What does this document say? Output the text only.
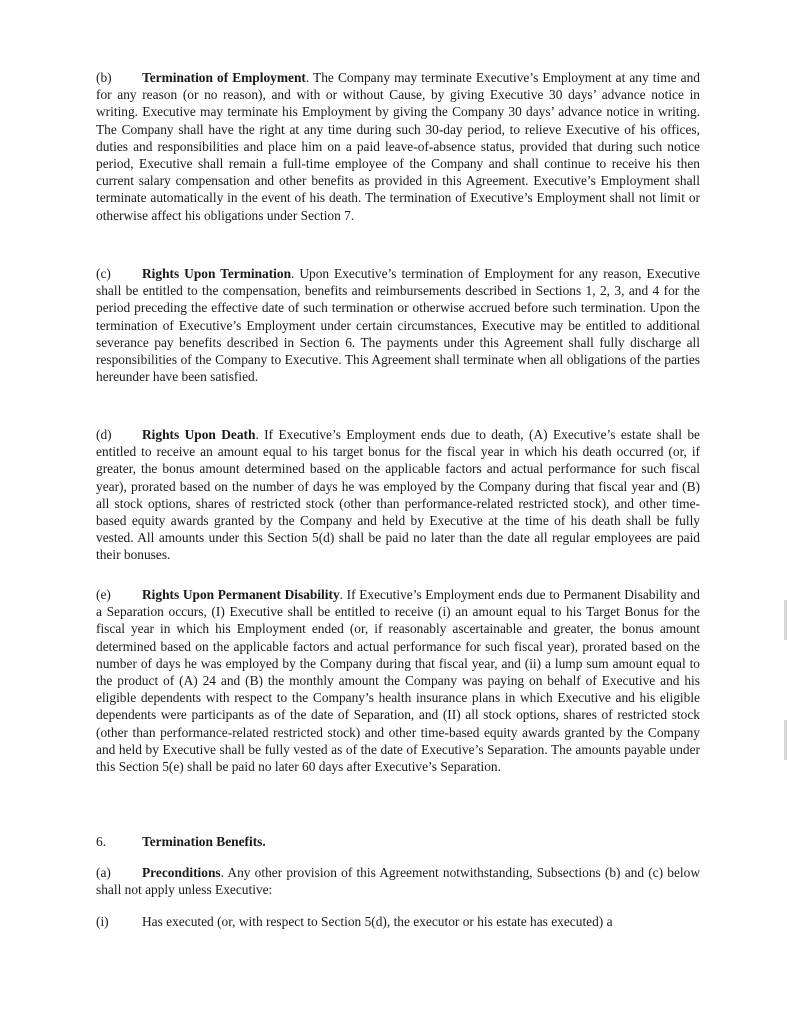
(b) Termination of Employment. The Company may terminate Executive’s Employment at any time and for any reason (or no reason), and with or without Cause, by giving Executive 30 days’ advance notice in writing. Executive may terminate his Employment by giving the Company 30 days’ advance notice in writing. The Company shall have the right at any time during such 30-day period, to relieve Executive of his offices, duties and responsibilities and place him on a paid leave-of-absence status, provided that during such notice period, Executive shall remain a full-time employee of the Company and shall continue to receive his then current salary compensation and other benefits as provided in this Agreement. Executive’s Employment shall terminate automatically in the event of his death. The termination of Executive’s Employment shall not limit or otherwise affect his obligations under Section 7.

(c) Rights Upon Termination. Upon Executive’s termination of Employment for any reason, Executive shall be entitled to the compensation, benefits and reimbursements described in Sections 1, 2, 3, and 4 for the period preceding the effective date of such termination or otherwise accrued before such termination. Upon the termination of Executive’s Employment under certain circumstances, Executive may be entitled to additional severance pay benefits described in Section 6. The payments under this Agreement shall fully discharge all responsibilities of the Company to Executive. This Agreement shall terminate when all obligations of the parties hereunder have been satisfied.

(d) Rights Upon Death. If Executive’s Employment ends due to death, (A) Executive’s estate shall be entitled to receive an amount equal to his target bonus for the fiscal year in which his death occurred (or, if greater, the bonus amount determined based on the applicable factors and actual performance for such fiscal year), prorated based on the number of days he was employed by the Company during that fiscal year and (B) all stock options, shares of restricted stock (other than performance-related restricted stock), and other time-based equity awards granted by the Company and held by Executive at the time of his death shall be fully vested. All amounts under this Section 5(d) shall be paid no later than the date all regular employees are paid their bonuses.

(e) Rights Upon Permanent Disability. If Executive’s Employment ends due to Permanent Disability and a Separation occurs, (I) Executive shall be entitled to receive (i) an amount equal to his Target Bonus for the fiscal year in which his Employment ended (or, if reasonably ascertainable and greater, the bonus amount determined based on the applicable factors and actual performance for such fiscal year), prorated based on the number of days he was employed by the Company during that fiscal year, and (ii) a lump sum amount equal to the product of (A) 24 and (B) the monthly amount the Company was paying on behalf of Executive and his eligible dependents with respect to the Company’s health insurance plans in which Executive and his eligible dependents were participants as of the date of Separation, and (II) all stock options, shares of restricted stock (other than performance-related restricted stock) and other time-based equity awards granted by the Company and held by Executive shall be fully vested as of the date of Executive’s Separation. The amounts payable under this Section 5(e) shall be paid no later 60 days after Executive’s Separation.

6.	Termination Benefits.

(a) Preconditions. Any other provision of this Agreement notwithstanding, Subsections (b) and (c) below shall not apply unless Executive:

(i) Has executed (or, with respect to Section 5(d), the executor or his estate has executed) a
